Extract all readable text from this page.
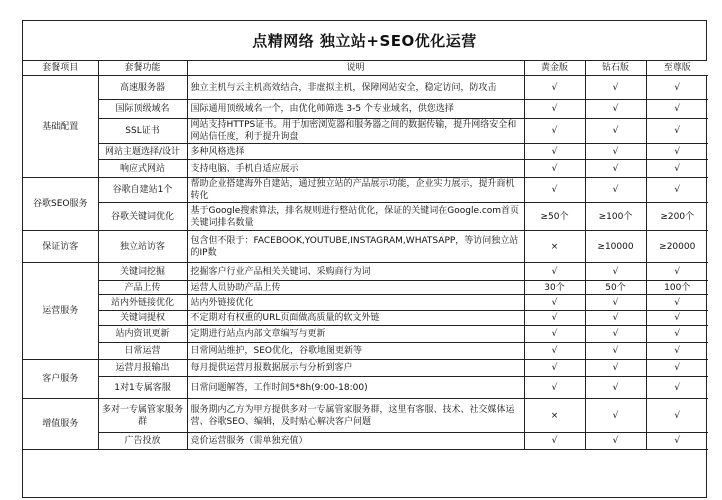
点精网络 独立站+SEO优化运营
套餐项目	套餐功能	说明	黄金版	钻石版	至尊版
基础配置	高速服务器	独立主机与云主机高效结合，非虚拟主机，保障网站安全，稳定访问，防攻击	√	√	√
	国际顶级域名	国际通用顶级域名一个，由优化师筛选 3-5 个专业域名，供您选择	√	√	√
	SSL证书	网站支持HTTPS证书。用于加密浏览器和服务器之间的数据传输，提升网络安全和网站信任度，利于提升询盘	√	√	√
	网站主题选择/设计	多种风格选择	√	√	√
	响应式网站	支持电脑、手机自适应展示	√	√	√
谷歌SEO服务	谷歌自建站1个	帮助企业搭建海外自建站，通过独立站的产品展示功能，企业实力展示，提升商机转化	√	√	√
	谷歌关键词优化	基于Google搜索算法，排名规则进行整站优化，保证的关键词在Google.com首页关键词排名数量	≥50个	≥100个	≥200个
保证访客	独立站访客	包含但不限于：FACEBOOK,YOUTUBE,INSTAGRAM,WHATSAPP，等访问独立站的IP数	×	≥10000	≥20000
运营服务	关键词挖掘	挖掘客户行业产品相关关键词、采购商行为词	√	√	√
	产品上传	运营人员协助产品上传	30个	50个	100个
	站内外链接优化	站内外链接优化	√	√	√
	关键词提权	不定期对有权重的URL页面做高质量的软文外链	√	√	√
	站内资讯更新	定期进行站点内部文章编写与更新	√	√	√
	日常运营	日常网站维护，SEO优化，谷歌地图更新等	√	√	√
客户服务	运营月报输出	每月提供运营月报数据展示与分析到客户	√	√	√
	1对1专属客服	日常问题解答，工作时间5*8h(9:00-18:00)	√	√	√
增值服务	多对一专属管家服务群	服务期内乙方为甲方提供多对一专属管家服务群，这里有客服、技术、社交媒体运营、谷歌SEO、编辑，及时贴心解决客户问题	×	√	√
	广告投放	竞价运营服务（需单独充值）	√	√	√
